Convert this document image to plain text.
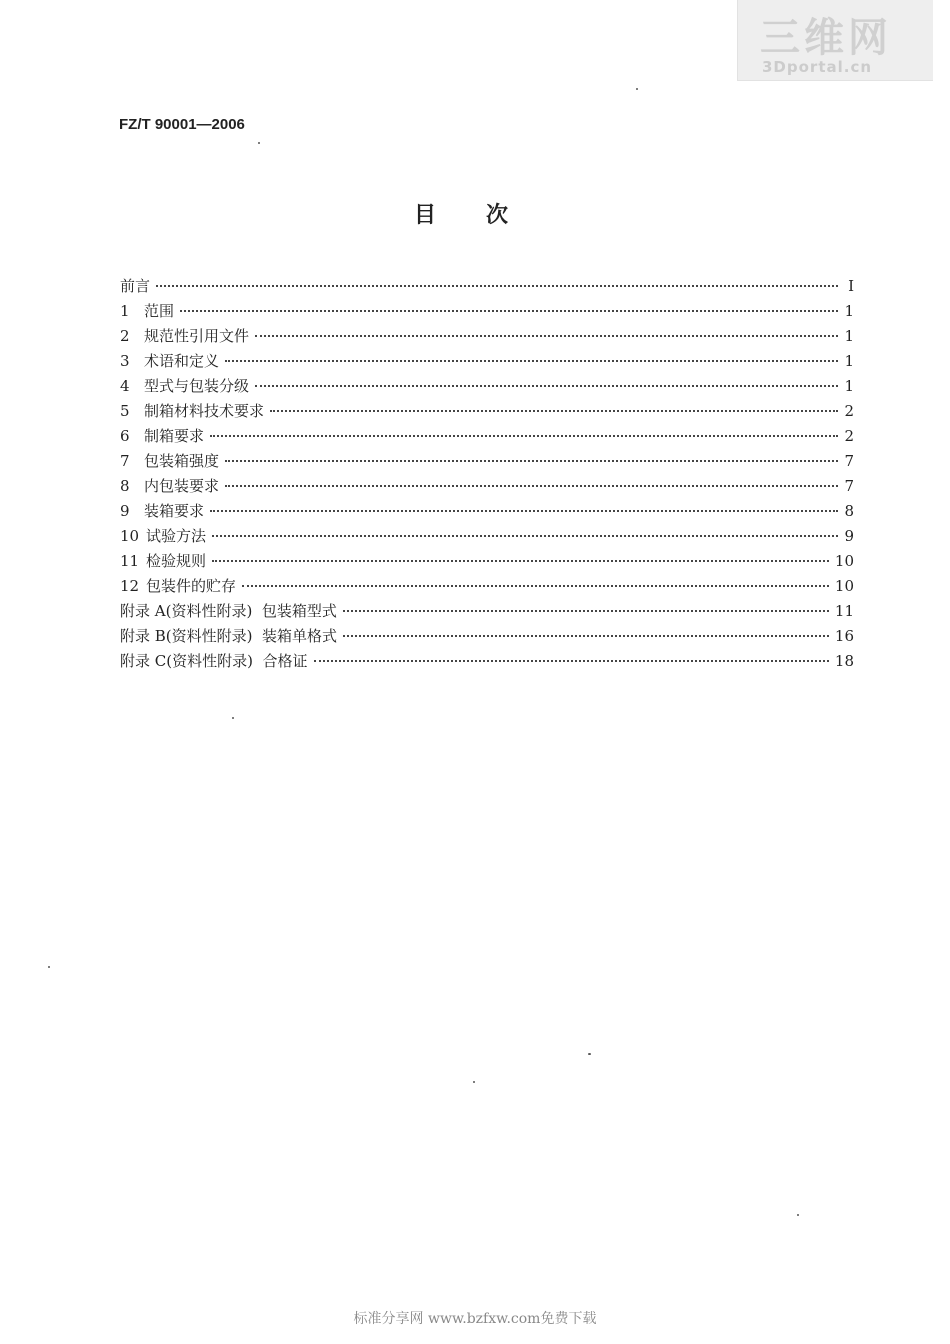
三维网
3Dportal.cn
FZ/T 90001—2006
目次
前言	I
1 范围	1
2 规范性引用文件	1
3 术语和定义	1
4 型式与包装分级	1
5 制箱材料技术要求	2
6 制箱要求	2
7 包装箱强度	7
8 内包装要求	7
9 装箱要求	8
10 试验方法	9
11 检验规则	10
12 包装件的贮存	10
附录 A(资料性附录)  包装箱型式	11
附录 B(资料性附录)  装箱单格式	16
附录 C(资料性附录)  合格证	18
标准分享网 www.bzfxw.com免费下载
